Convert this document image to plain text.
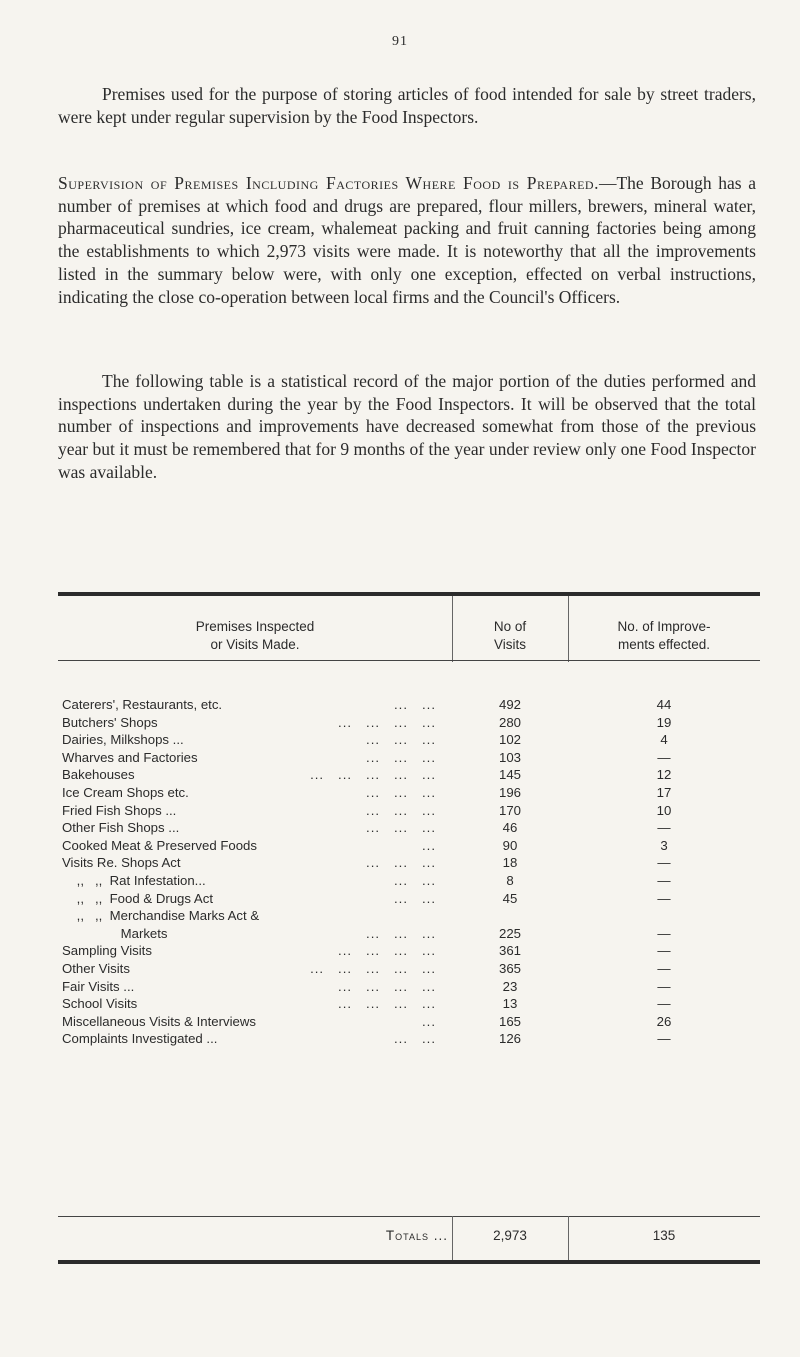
91

Premises used for the purpose of storing articles of food intended for sale by street traders, were kept under regular supervision by the Food Inspectors.

Supervision of Premises Including Factories Where Food is Prepared.—The Borough has a number of premises at which food and drugs are prepared, flour millers, brewers, mineral water, pharmaceutical sundries, ice cream, whalemeat packing and fruit canning factories being among the establishments to which 2,973 visits were made. It is noteworthy that all the improvements listed in the summary below were, with only one exception, effected on verbal instructions, indicating the close co-operation between local firms and the Council's Officers.

The following table is a statistical record of the major portion of the duties performed and inspections undertaken during the year by the Food Inspectors. It will be observed that the total number of inspections and improvements have decreased somewhat from those of the previous year but it must be remembered that for 9 months of the year under review only one Food Inspector was available.

Premises Inspected
or Visits Made.
No of
Visits
No. of Improve-
ments effected.
Caterers', Restaurants, etc.	...   ...	492	44
Butchers' Shops	...   ...   ...   ...	280	19
Dairies, Milkshops ...	...   ...   ...	102	4
Wharves and Factories	...   ...   ...	103	—
Bakehouses	...   ...   ...   ...   ...	145	12
Ice Cream Shops etc.	...   ...   ...	196	17
Fried Fish Shops ...	...   ...   ...	170	10
Other Fish Shops ...	...   ...   ...	46	—
Cooked Meat & Preserved Foods	...	90	3
Visits Re. Shops Act	...   ...   ...	18	—
,,   ,,  Rat Infestation...	...   ...	8	—
,,   ,,  Food & Drugs Act	...   ...	45	—
,,   ,,  Merchandise Marks Act &
Markets	...   ...   ...	225	—
Sampling Visits	...   ...   ...   ...	361	—
Other Visits	...   ...   ...   ...   ...	365	—
Fair Visits ...	...   ...   ...   ...	23	—
School Visits	...   ...   ...   ...	13	—
Miscellaneous Visits & Interviews	...	165	26
Complaints Investigated ...	...   ...	126	—
Totals ...	2,973	135
